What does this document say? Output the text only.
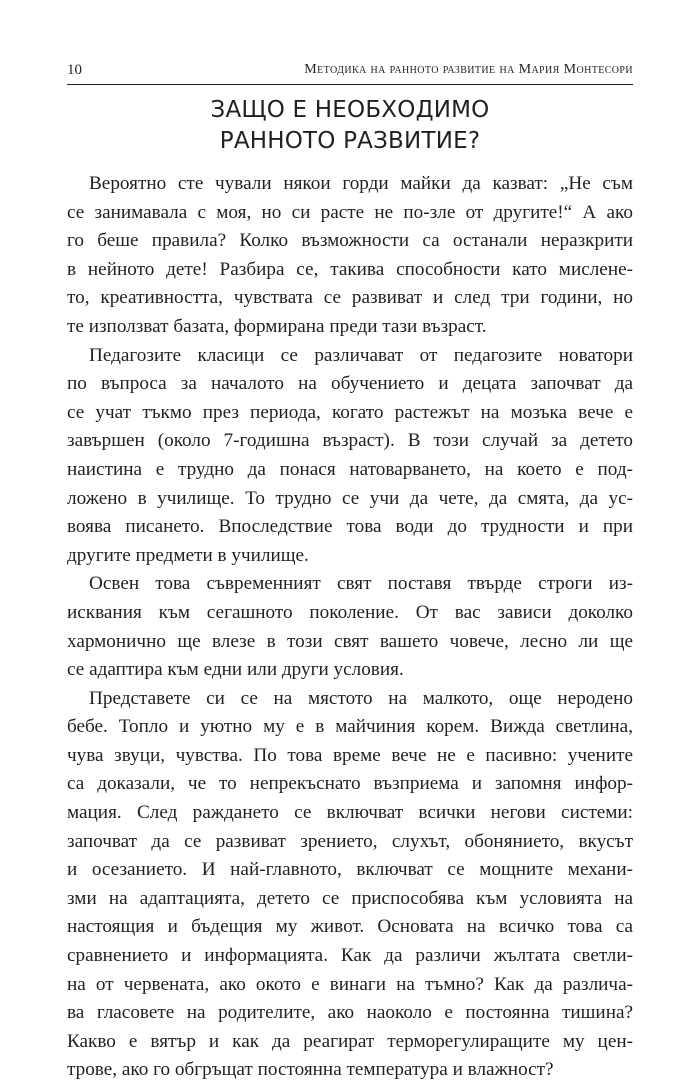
10	Методика на ранното развитие на Мария Монтесори
ЗАЩО Е НЕОБХОДИМО
РАННОТО РАЗВИТИЕ?

Вероятно сте чували някои горди майки да казват: „Не съм
се занимавала с моя, но си расте не по-зле от другите!“ А ако
го беше правила? Колко възможности са останали неразкрити
в нейното дете! Разбира се, такива способности като мислене-
то, креативността, чувствата се развиват и след три години, но
те използват базата, формирана преди тази възраст.

Педагозите класици се различават от педагозите новатори
по въпроса за началото на обучението и децата започват да
се учат тъкмо през периода, когато растежът на мозъка вече е
завършен (около 7-годишна възраст). В този случай за детето
наистина е трудно да понася натоварването, на което е под-
ложено в училище. То трудно се учи да чете, да смята, да ус-
воява писането. Впоследствие това води до трудности и при
другите предмети в училище.

Освен това съвременният свят поставя твърде строги из-
исквания към сегашното поколение. От вас зависи доколко
хармонично ще влезе в този свят вашето човече, лесно ли ще
се адаптира към едни или други условия.

Представете си се на мястото на малкото, още неродено
бебе. Топло и уютно му е в майчиния корем. Вижда светлина,
чува звуци, чувства. По това време вече не е пасивно: учените
са доказали, че то непрекъснато възприема и запомня инфор-
мация. След раждането се включват всички негови системи:
започват да се развиват зрението, слухът, обонянието, вкусът
и осезанието. И най-главното, включват се мощните механи-
зми на адаптацията, детето се приспособява към условията на
настоящия и бъдещия му живот. Основата на всичко това са
сравнението и информацията. Как да различи жълтата светли-
на от червената, ако окото е винаги на тъмно? Как да различа-
ва гласовете на родителите, ако наоколо е постоянна тишина?
Какво е вятър и как да реагират терморегулиращите му цен-
трове, ако го обгръщат постоянна температура и влажност?
